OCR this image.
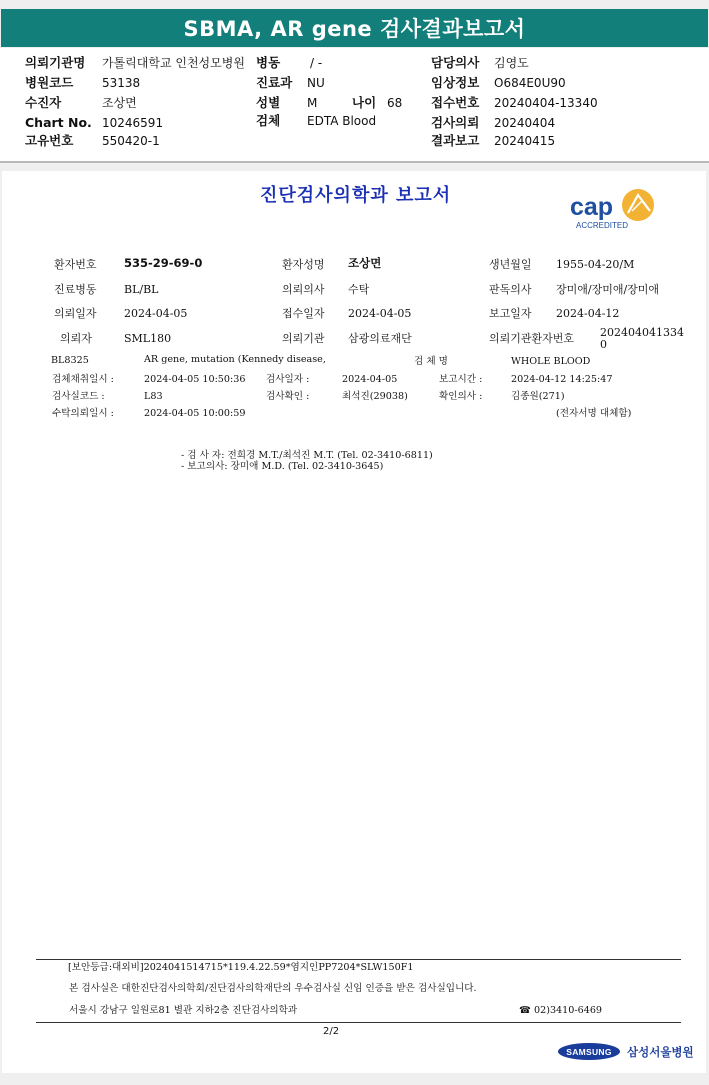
SBMA, AR gene 검사결과보고서
의뢰기관명 가톨릭대학교 인천성모병원 병동 / -	담당의사 김영도
병원코드 53138	진료과 NU	임상정보 O684E0U90
수진자	조상면	성별 M	나이 68 접수번호 20240404-13340
Chart No. 10246591	검체 EDTA Blood	검사의뢰 20240404
고유번호 550420-1	결과보고 20240415
진단검사의학과 보고서	cap
ACCREDITED
환자번호 535-29-69-0	환자성명 조상면	생년월일 1955-04-20/M
진료병동 BL/BL	의뢰의사 수탁	판독의사 장미애/장미애/장미애
의뢰일자 2024-04-05	접수일자 2024-04-05	보고일자 2024-04-12
의뢰자	SML180	의뢰기관 삼광의료재단	의뢰기관환자번호 202404041334
0
BL8325	AR gene, mutation (Kennedy disease,	검 체 명	WHOLE BLOOD
검체채취일시 :	2024-04-05 10:50:36 검사일자 :	2024-04-05	보고시간 :	2024-04-12 14:25:47
검사실코드 :	L83	검사확인 :	최석진(29038)	확인의사 :	김종원(271)
수탁의뢰일시 :	2024-04-05 10:00:59	(전자서명 대체함)
- 검 사 자: 전희경 M.T./최석진 M.T. (Tel. 02-3410-6811)
- 보고의사: 장미애 M.D. (Tel. 02-3410-3645)
[보안등급:대외비]2024041514715*119.4.22.59*염지인PP7204*SLW150F1
본 검사실은 대한진단검사의학회/진단검사의학재단의 우수검사실 신임 인증을 받은 검사실입니다.
서울시 강남구 일원로81 별관 지하2층 진단검사의학과	☎ 02)3410-6469
2/2
SAMSUNG 삼성서울병원
